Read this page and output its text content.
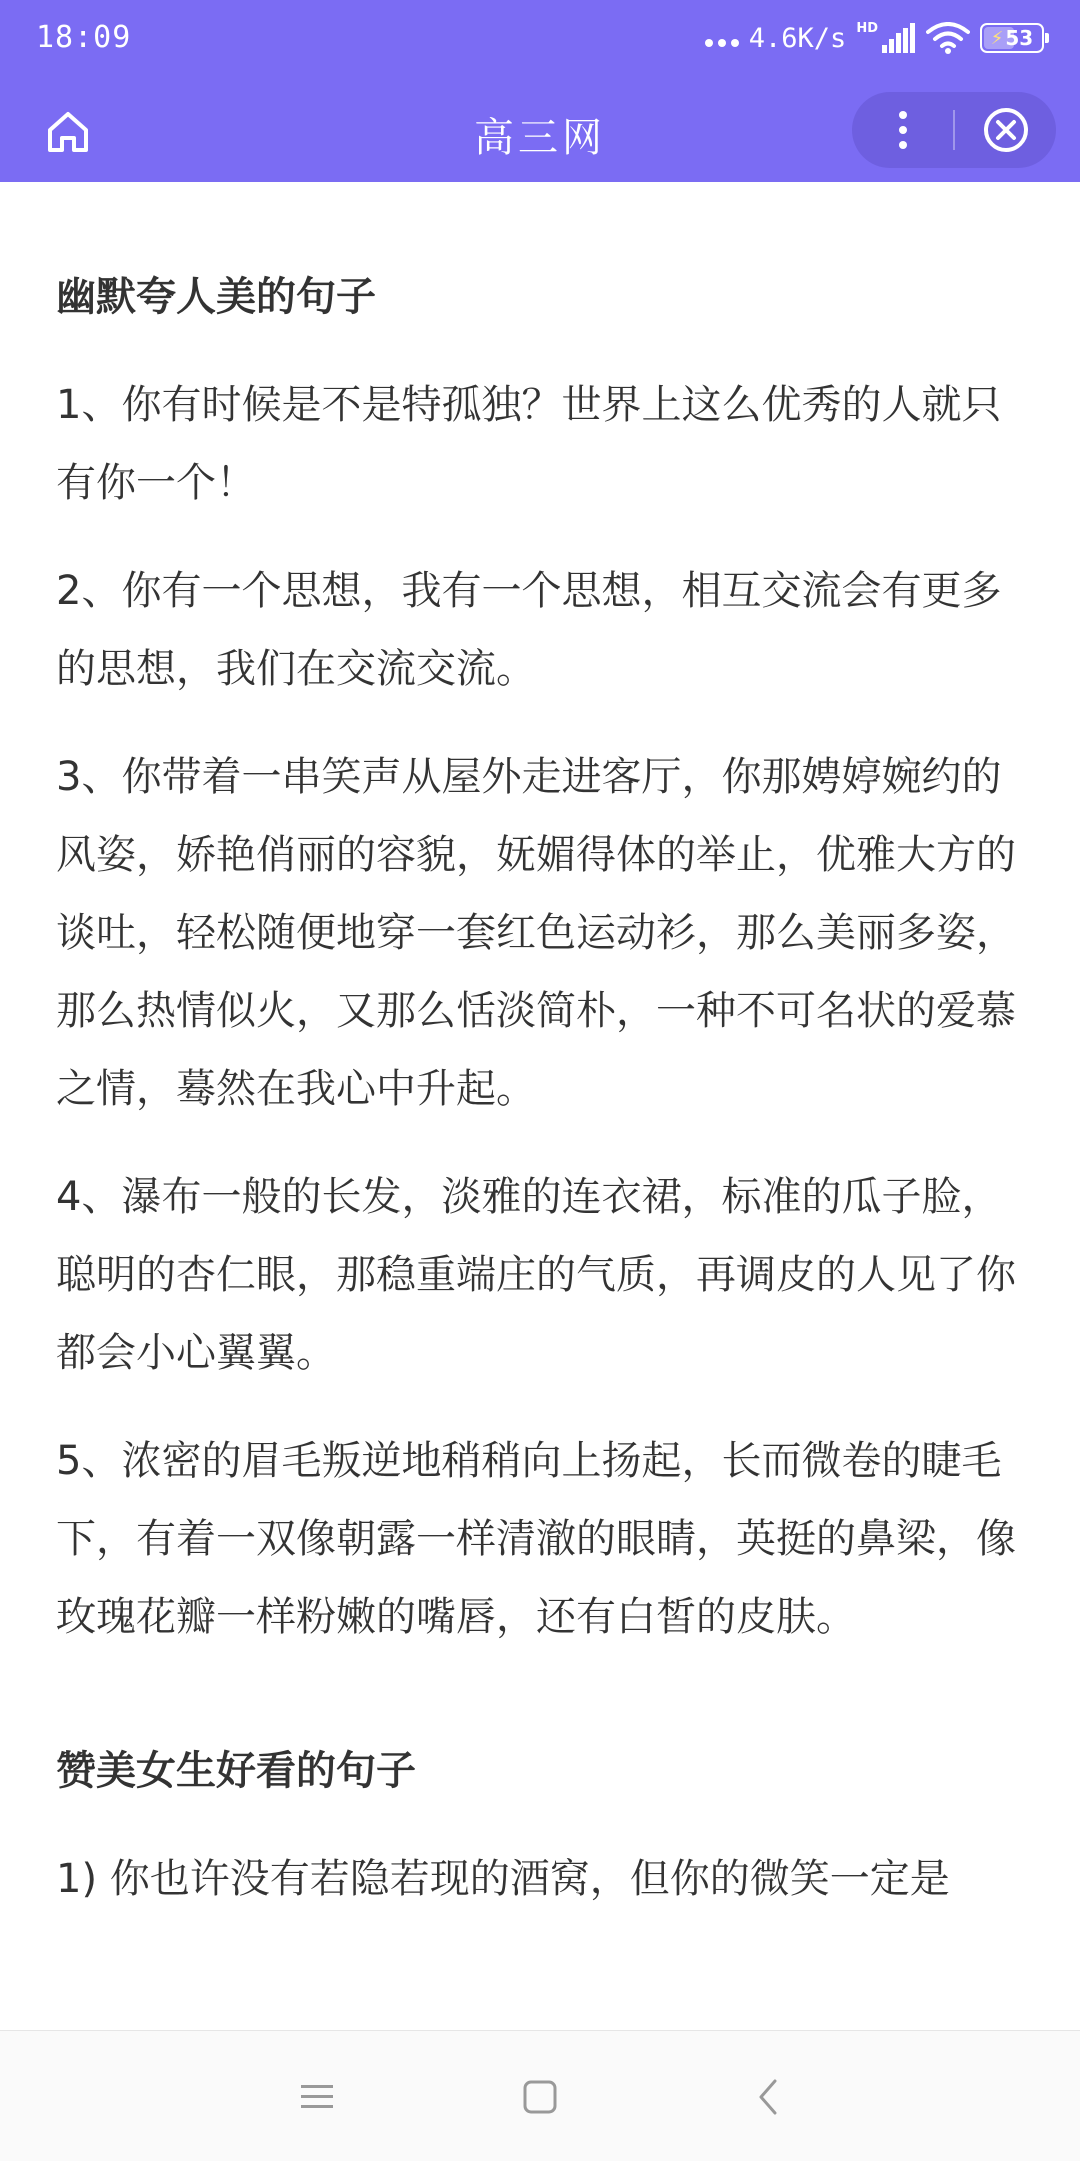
18:09	4.6K/s HD	⚡ 53
高三网
幽默夸人美的句子

1、你有时候是不是特孤独？世界上这么优秀的人就只有你一个！

2、你有一个思想，我有一个思想，相互交流会有更多的思想，我们在交流交流。

3、你带着一串笑声从屋外走进客厅，你那娉婷婉约的风姿，娇艳俏丽的容貌，妩媚得体的举止，优雅大方的谈吐，轻松随便地穿一套红色运动衫，那么美丽多姿，那么热情似火，又那么恬淡简朴，一种不可名状的爱慕之情，蓦然在我心中升起。

4、瀑布一般的长发，淡雅的连衣裙，标准的瓜子脸，聪明的杏仁眼，那稳重端庄的气质，再调皮的人见了你都会小心翼翼。

5、浓密的眉毛叛逆地稍稍向上扬起，长而微卷的睫毛下，有着一双像朝露一样清澈的眼睛，英挺的鼻梁，像玫瑰花瓣一样粉嫩的嘴唇，还有白皙的皮肤。

赞美女生好看的句子

1) 你也许没有若隐若现的酒窝，但你的微笑一定是
